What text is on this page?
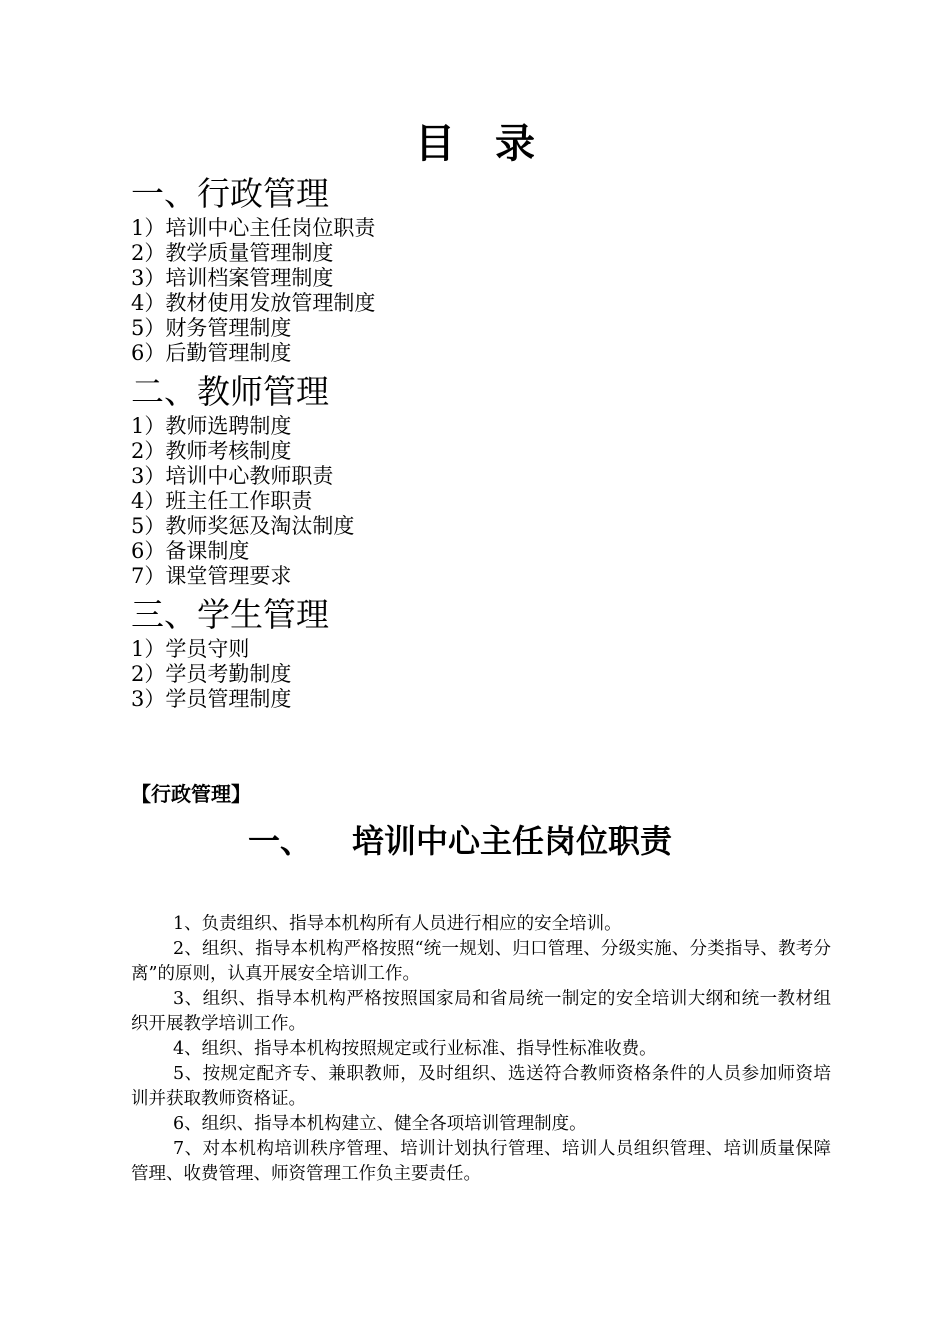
目 录
一、行政管理
1）培训中心主任岗位职责
2）教学质量管理制度
3）培训档案管理制度
4）教材使用发放管理制度
5）财务管理制度
6）后勤管理制度
二、教师管理
1）教师选聘制度
2）教师考核制度
3）培训中心教师职责
4）班主任工作职责
5）教师奖惩及淘汰制度
6）备课制度
7）课堂管理要求
三、学生管理
1）学员守则
2）学员考勤制度
3）学员管理制度
【行政管理】
一、 培训中心主任岗位职责

1、负责组织、指导本机构所有人员进行相应的安全培训。

2、组织、指导本机构严格按照“统一规划、归口管理、分级实施、分类指导、教考分离”的原则，认真开展安全培训工作。

3、组织、指导本机构严格按照国家局和省局统一制定的安全培训大纲和统一教材组织开展教学培训工作。

4、组织、指导本机构按照规定或行业标准、指导性标准收费。

5、按规定配齐专、兼职教师，及时组织、选送符合教师资格条件的人员参加师资培训并获取教师资格证。

6、组织、指导本机构建立、健全各项培训管理制度。

7、对本机构培训秩序管理、培训计划执行管理、培训人员组织管理、培训质量保障管理、收费管理、师资管理工作负主要责任。
